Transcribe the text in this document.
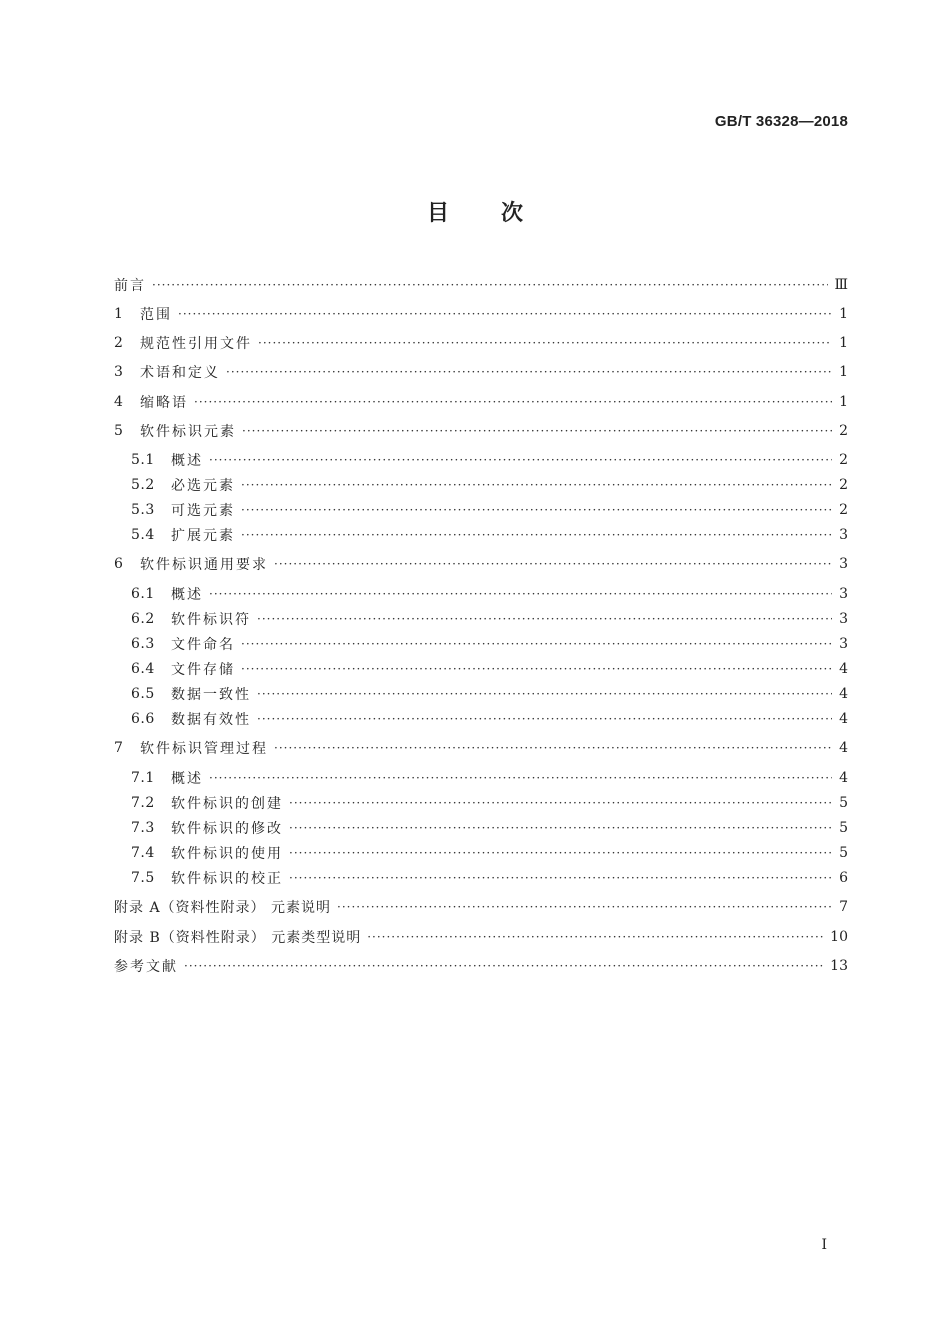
GB/T 36328—2018
目 次
前言 ·····	Ⅲ
1	范围 ·····	1
2	规范性引用文件 ·····	1
3	术语和定义 ·····	1
4	缩略语 ·····	1
5	软件标识元素 ·····	2
5.1	概述 ·····	2
5.2	必选元素 ·····	2
5.3	可选元素 ·····	2
5.4	扩展元素 ·····	3
6	软件标识通用要求 ·····	3
6.1	概述 ·····	3
6.2	软件标识符 ·····	3
6.3	文件命名 ·····	3
6.4	文件存储 ·····	4
6.5	数据一致性 ·····	4
6.6	数据有效性 ·····	4
7	软件标识管理过程 ·····	4
7.1	概述 ·····	4
7.2	软件标识的创建 ·····	5
7.3	软件标识的修改 ·····	5
7.4	软件标识的使用 ·····	5
7.5	软件标识的校正 ·····	6
附录 A（资料性附录） 元素说明 ·····	7
附录 B（资料性附录） 元素类型说明 ·····	10
参考文献 ·····	13
I
